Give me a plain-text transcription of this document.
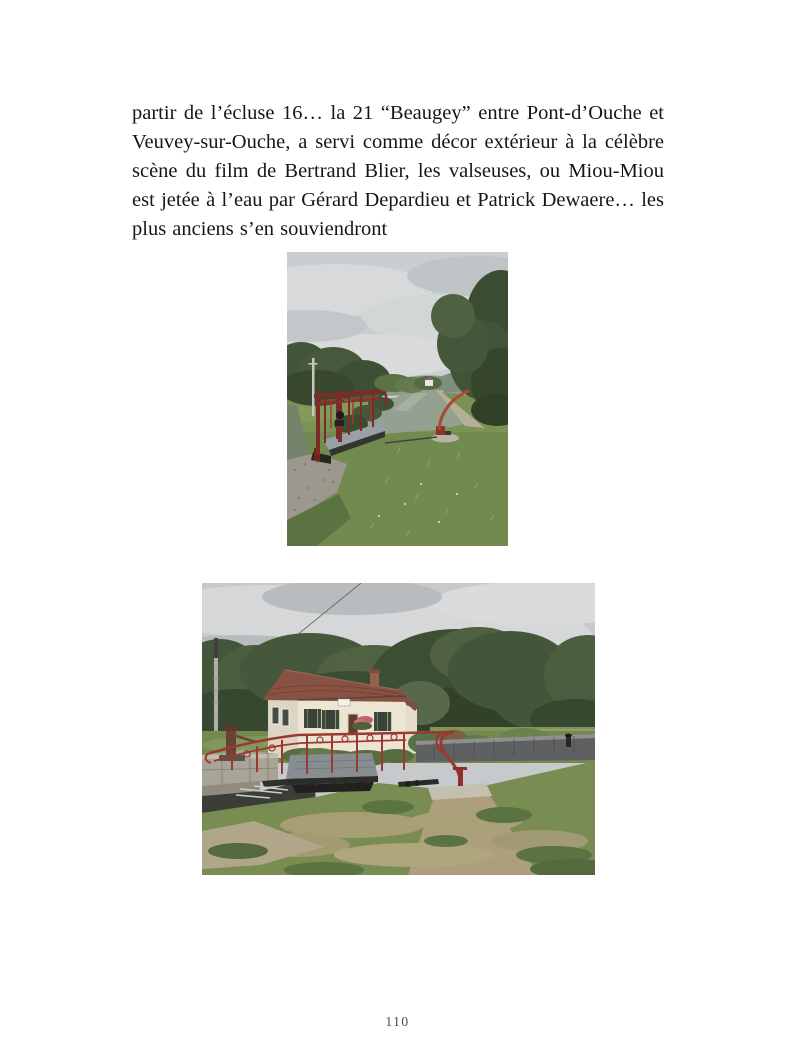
partir de l’écluse 16… la 21 “Beaugey” entre Pont-d’Ouche et Veuvey-sur-Ouche, a servi comme décor extérieur à la célèbre scène du film de Bertrand Blier, les valseuses, ou Miou-Miou est jetée à l’eau par Gérard Depardieu et Patrick Dewaere… les plus anciens s’en souviendront

110
